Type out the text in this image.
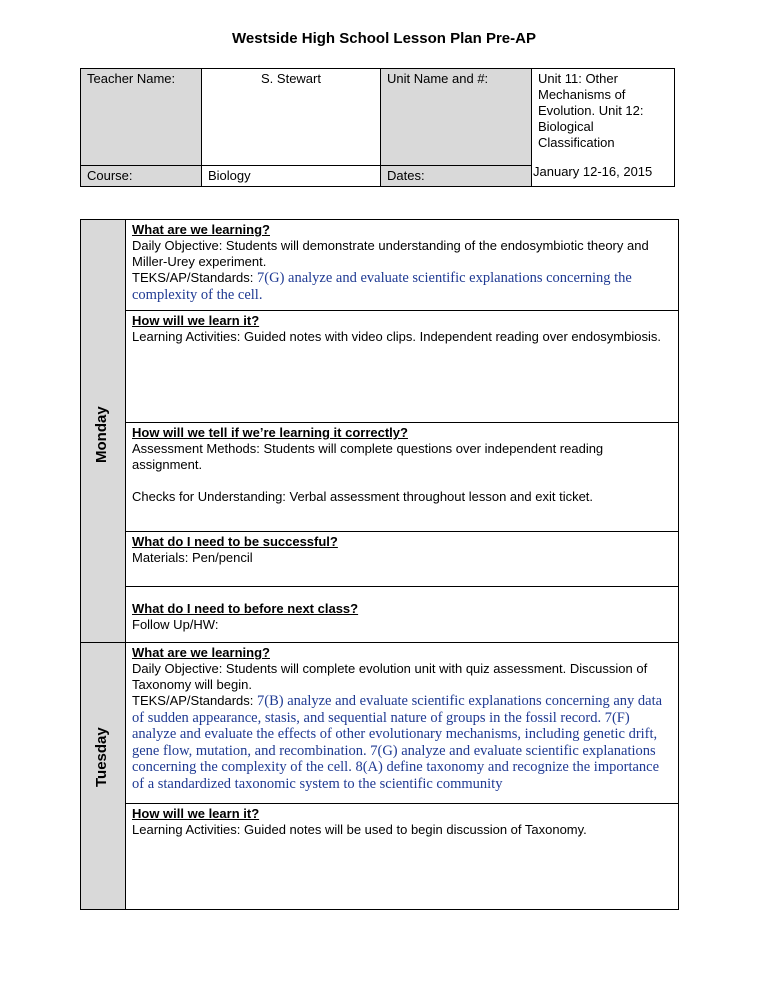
Westside High School Lesson Plan Pre-AP
Teacher Name:	S. Stewart	Unit Name and #:	Unit 11: Other Mechanisms of Evolution. Unit 12: Biological Classification
Course:	Biology	Dates:		January 12-16, 2015
Monday
What are we learning?
Daily Objective: Students will demonstrate understanding of the endosymbiotic theory and Miller-Urey experiment.
TEKS/AP/Standards: 7(G) analyze and evaluate scientific explanations concerning the complexity of the cell.
How will we learn it?
Learning Activities: Guided notes with video clips. Independent reading over endosymbiosis.
How will we tell if we’re learning it correctly?
Assessment Methods: Students will complete questions over independent reading assignment.
Checks for Understanding: Verbal assessment throughout lesson and exit ticket.
What do I need to be successful?
Materials: Pen/pencil
What do I need to before next class?
Follow Up/HW:
Tuesday
What are we learning?
Daily Objective: Students will complete evolution unit with quiz assessment. Discussion of Taxonomy will begin.
TEKS/AP/Standards: 7(B) analyze and evaluate scientific explanations concerning any data of sudden appearance, stasis, and sequential nature of groups in the fossil record. 7(F) analyze and evaluate the effects of other evolutionary mechanisms, including genetic drift, gene flow, mutation, and recombination. 7(G) analyze and evaluate scientific explanations concerning the complexity of the cell. 8(A) define taxonomy and recognize the importance of a standardized taxonomic system to the scientific community
How will we learn it?
Learning Activities: Guided notes will be used to begin discussion of Taxonomy.
